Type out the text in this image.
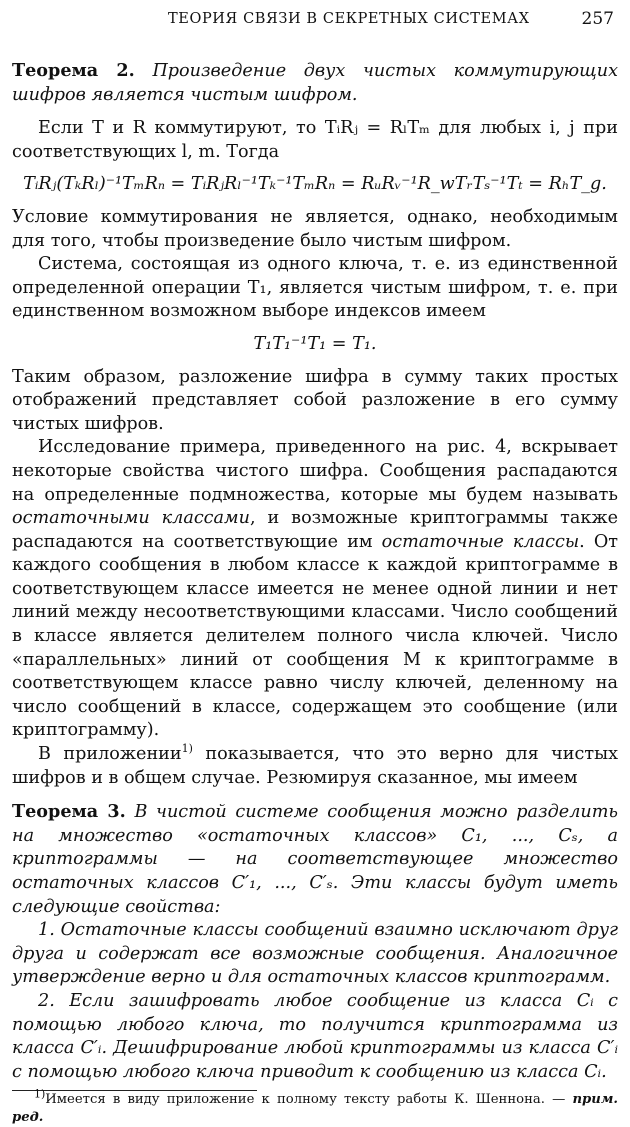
ТЕОРИЯ СВЯЗИ В СЕКРЕТНЫХ СИСТЕМАХ	257

Теорема 2. Произведение двух чистых коммутирующих шифров является чистым шифром.

Если T и R коммутируют, то TᵢRⱼ = RₗTₘ для любых i, j при соответствующих l, m. Тогда

TᵢRⱼ(TₖRₗ)⁻¹TₘRₙ = TᵢRⱼRₗ⁻¹Tₖ⁻¹TₘRₙ = RᵤRᵥ⁻¹R_wTᵣTₛ⁻¹Tₜ = RₕT_g.

Условие коммутирования не является, однако, необходимым для того, чтобы произведение было чистым шифром.

Система, состоящая из одного ключа, т. е. из единственной определенной операции T₁, является чистым шифром, т. е. при единственном возможном выборе индексов имеем

T₁T₁⁻¹T₁ = T₁.

Таким образом, разложение шифра в сумму таких простых отображений представляет собой разложение в его сумму чистых шифров.

Исследование примера, приведенного на рис. 4, вскрывает некоторые свойства чистого шифра. Сообщения распадаются на определенные подмножества, которые мы будем называть остаточными классами, и возможные криптограммы также распадаются на соответствующие им остаточные классы. От каждого сообщения в любом классе к каждой криптограмме в соответствующем классе имеется не менее одной линии и нет линий между несоответствующими классами. Число сообщений в классе является делителем полного числа ключей. Число «параллельных» линий от сообщения M к криптограмме в соответствующем классе равно числу ключей, деленному на число сообщений в классе, содержащем это сообщение (или криптограмму).

В приложении$^{1)}$ показывается, что это верно для чистых шифров и в общем случае. Резюмируя сказанное, мы имеем

Теорема 3. В чистой системе сообщения можно разделить на множество «остаточных классов» C₁, ..., Cₛ, а криптограммы — на соответствующее множество остаточных классов C′₁, ..., C′ₛ. Эти классы будут иметь следующие свойства:

1. Остаточные классы сообщений взаимно исключают друг друга и содержат все возможные сообщения. Аналогичное утверждение верно и для остаточных классов криптограмм.

2. Если зашифровать любое сообщение из класса Cᵢ с помощью любого ключа, то получится криптограмма из класса C′ᵢ. Дешифрирование любой криптограммы из класса C′ᵢ с помощью любого ключа приводит к сообщению из класса Cᵢ.

$^{1)}$Имеется в виду приложение к полному тексту работы К. Шеннона. — прим. ред.
